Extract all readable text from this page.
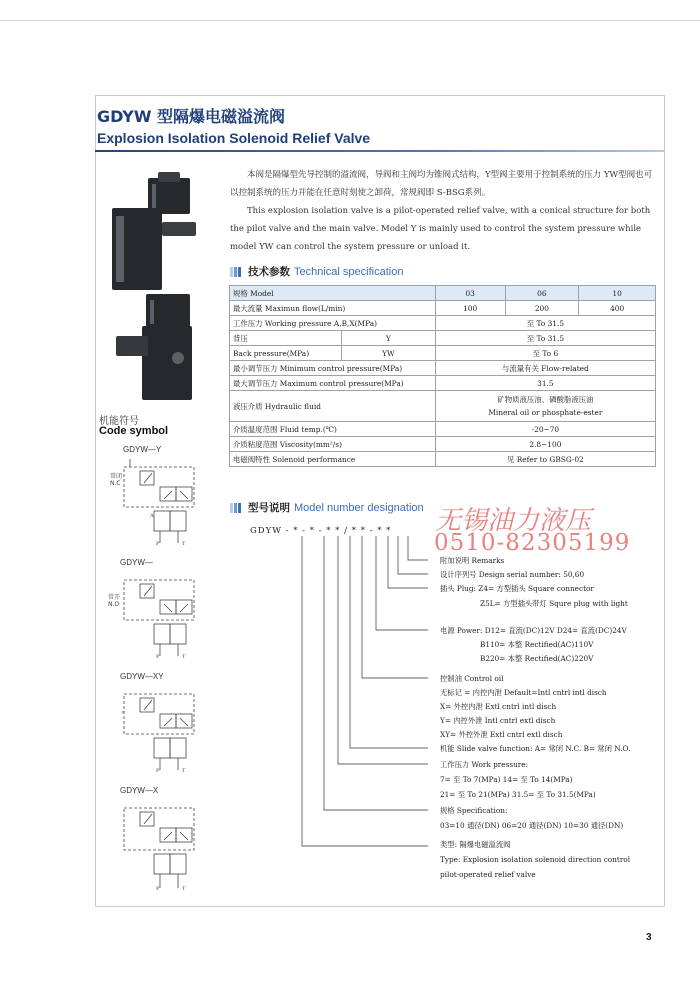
GDYW 型隔爆电磁溢流阀
Explosion Isolation Solenoid Relief Valve
机能符号
Code symbol
GDYW—Y
常闭
N.C
A
P	T
GDYW—
常开
N.O
P	T
GDYW—XY
P	T
GDYW—X
P	T

本阀是隔爆型先导控制的溢流阀，导阀和主阀均为锥阀式结构，Y型阀主要用于控制系统的压力 YW型阀也可以控制系统的压力并能在任意时刻使之卸荷，常规阀即 S-BSG系列。

This explosion isolation valve is a pilot-operated relief valve, with a conical structure for both the pilot valve and the main valve. Model Y is mainly used to control the system pressure while model YW can control the system pressure or unload it.

技术参数 Technical specification
规格 Model		03	06	10
最大流量 Maximun flow(L/min)		100	200	400
工作压力 Working pressure A,B,X(MPa)		至 To 31.5		
背压	Y	至 To 31.5		
Back pressure(MPa)	YW	至 To 6		
最小调节压力 Minimum control pressure(MPa)		与流量有关 Flow-related		
最大调节压力 Maximum control pressure(MPa)		31.5		
液压介质 Hydraulic fluid		矿物质液压油、磷酸脂液压油
Mineral oil or phosphate-ester		

介质温度范围 Fluid temp.(℃)		-20~70		
介质粘度范围 Viscosity(mm²/s)		2.8~100		
电磁阀特性 Solenoid performance		见 Refer to GBSG-02		
型号说明 Model number designation
GDYW - * - * - * * / * * - * *
附加说明 Remarks
设计序列号 Design serial number: 50,60
插头 Plug: Z4= 方型插头 Square connector
Z5L= 方型插头带灯 Squre plug with light
电源 Power: D12= 直流(DC)12V D24= 直流(DC)24V
B110= 本整 Rectified(AC)110V
B220= 本整 Rectified(AC)220V
控制油 Control oil
无标记 = 内控内泄 Default=Intl cntrl intl disch
X= 外控内泄 Extl cntrl intl disch
Y= 内控外泄 Intl cntrl extl disch
XY= 外控外泄 Extl cntrl extl disch
机能 Slide valve function: A= 常闭 N.C. B= 常闭 N.O.
工作压力 Work pressure:
7= 至 To 7(MPa) 14= 至 To 14(MPa)
21= 至 To 21(MPa) 31.5= 至 To 31.5(MPa)
规格 Specification:
03=10 通径(DN) 06=20 通径(DN) 10=30 通径(DN)
类型: 隔爆电磁溢流阀
Type: Explosion isolation solenoid direction control
pilot-operated relief valve
无锡油力液压
0510-82305199
3
